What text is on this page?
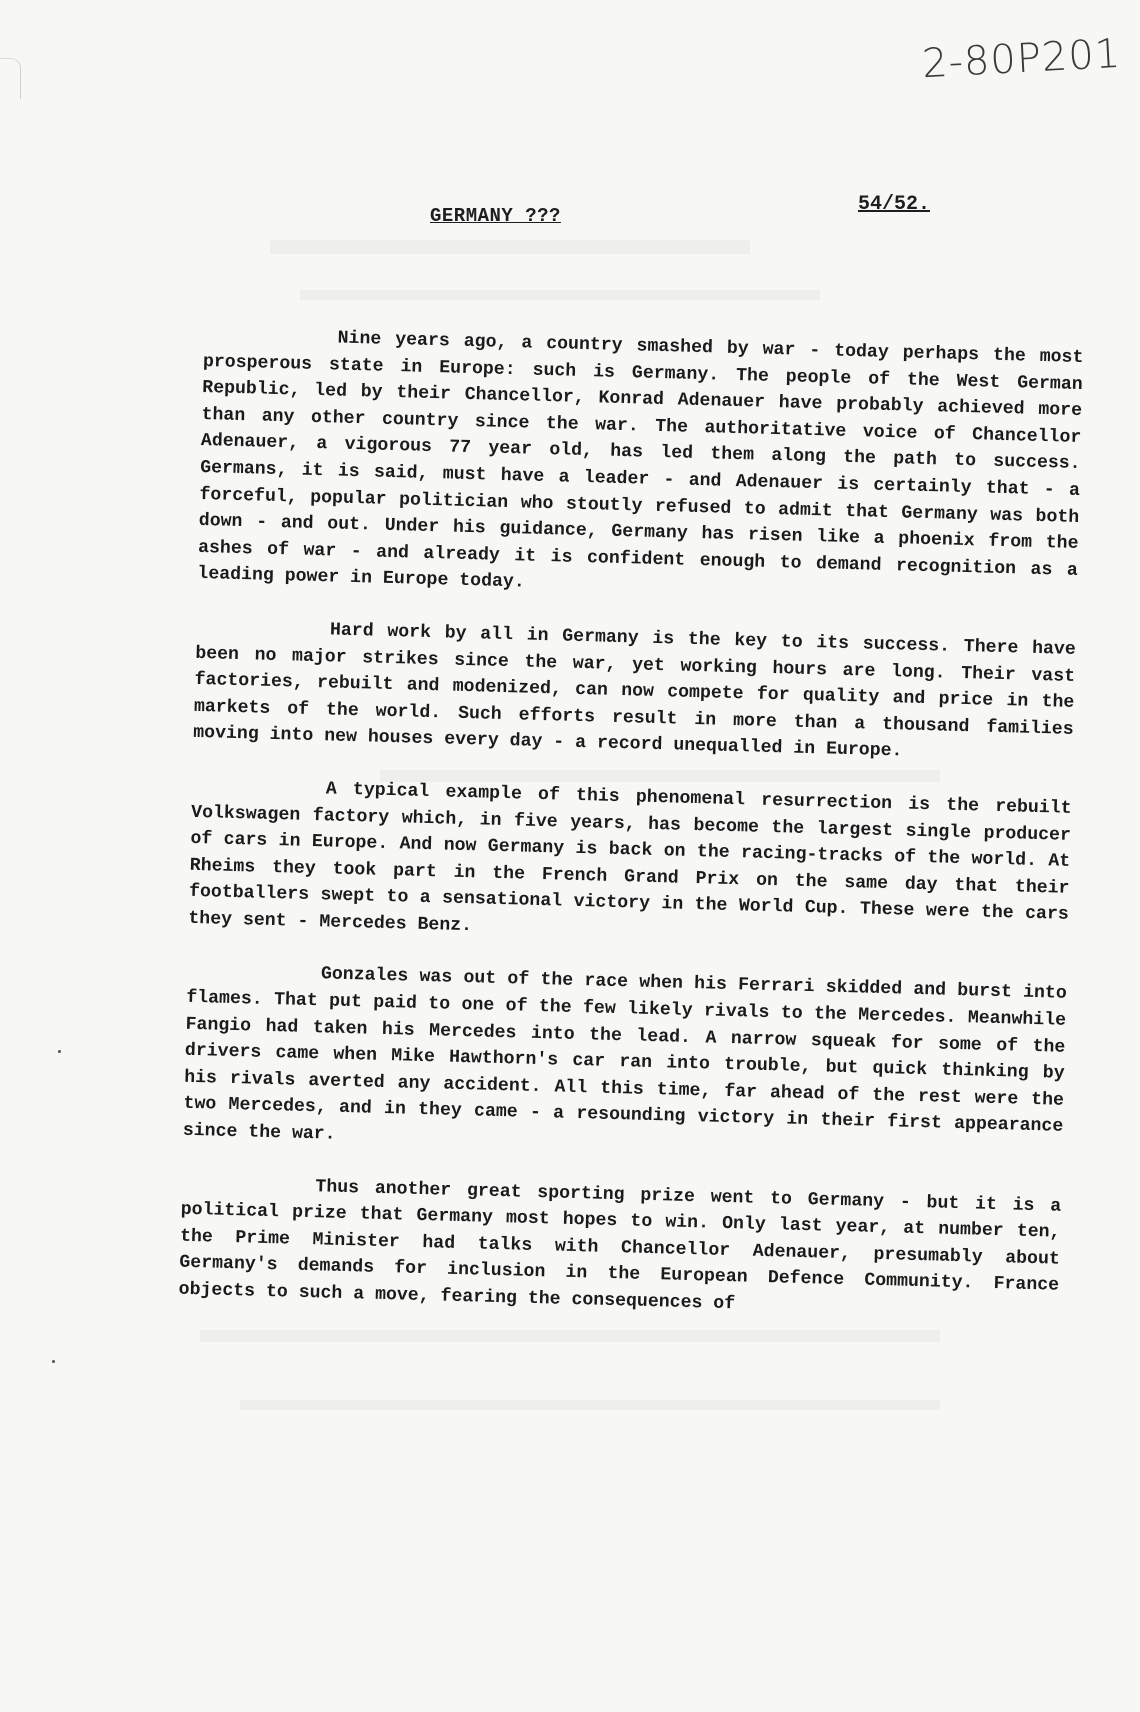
2-80P201
GERMANY ???	54/52.

Nine years ago, a country smashed by war - today perhaps the most prosperous state in Europe: such is Germany. The people of the West German Republic, led by their Chancellor, Konrad Adenauer have probably achieved more than any other country since the war. The authoritative voice of Chancellor Adenauer, a vigorous 77 year old, has led them along the path to success. Germans, it is said, must have a leader - and Adenauer is certainly that - a forceful, popular politician who stoutly refused to admit that Germany was both down - and out. Under his guidance, Germany has risen like a phoenix from the ashes of war - and already it is confident enough to demand recognition as a leading power in Europe today.

Hard work by all in Germany is the key to its success. There have been no major strikes since the war, yet working hours are long. Their vast factories, rebuilt and modenized, can now compete for quality and price in the markets of the world. Such efforts result in more than a thousand families moving into new houses every day - a record unequalled in Europe.

A typical example of this phenomenal resurrection is the rebuilt Volkswagen factory which, in five years, has become the largest single producer of cars in Europe. And now Germany is back on the racing-tracks of the world. At Rheims they took part in the French Grand Prix on the same day that their footballers swept to a sensational victory in the World Cup. These were the cars they sent - Mercedes Benz.

Gonzales was out of the race when his Ferrari skidded and burst into flames. That put paid to one of the few likely rivals to the Mercedes. Meanwhile Fangio had taken his Mercedes into the lead. A narrow squeak for some of the drivers came when Mike Hawthorn's car ran into trouble, but quick thinking by his rivals averted any accident. All this time, far ahead of the rest were the two Mercedes, and in they came - a resounding victory in their first appearance since the war.

Thus another great sporting prize went to Germany - but it is a political prize that Germany most hopes to win. Only last year, at number ten, the Prime Minister had talks with Chancellor Adenauer, presumably about Germany's demands for inclusion in the European Defence Community. France objects to such a move, fearing the consequences of
